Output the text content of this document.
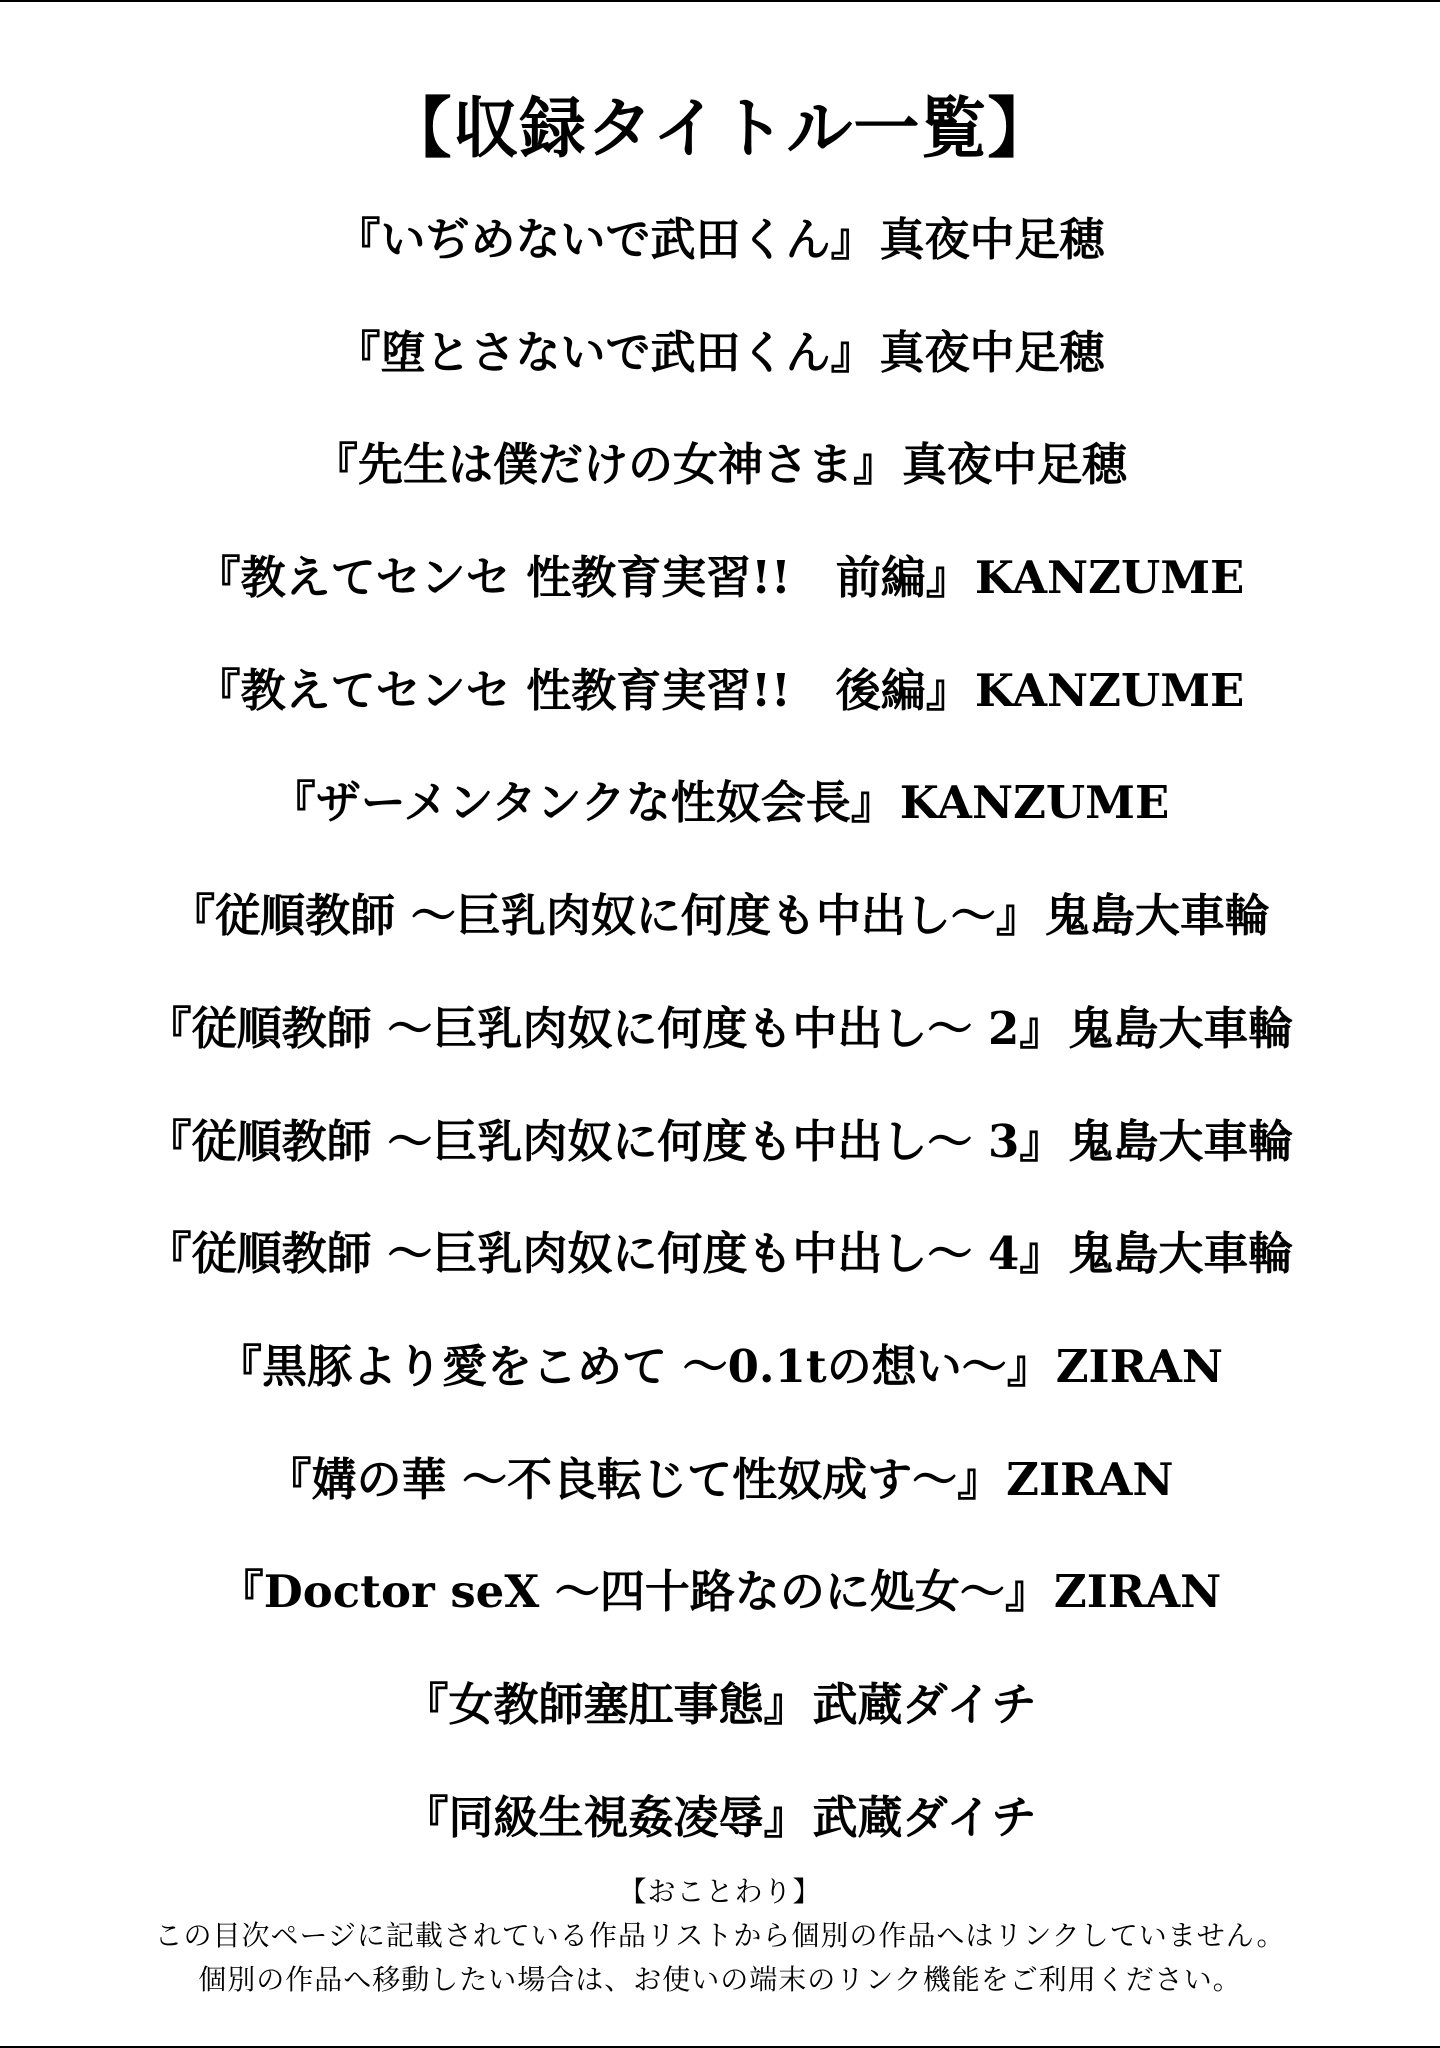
【収録タイトル一覧】
『いぢめないで武田くん』真夜中足穂
『堕とさないで武田くん』真夜中足穂
『先生は僕だけの女神さま』真夜中足穂
『教えてセンセ 性教育実習!!　前編』KANZUME
『教えてセンセ 性教育実習!!　後編』KANZUME
『ザーメンタンクな性奴会長』KANZUME
『従順教師 ～巨乳肉奴に何度も中出し～』鬼島大車輪
『従順教師 ～巨乳肉奴に何度も中出し～ 2』鬼島大車輪
『従順教師 ～巨乳肉奴に何度も中出し～ 3』鬼島大車輪
『従順教師 ～巨乳肉奴に何度も中出し～ 4』鬼島大車輪
『黒豚より愛をこめて ～0.1tの想い～』ZIRAN
『媾の華 ～不良転じて性奴成す～』ZIRAN
『Doctor seX ～四十路なのに処女～』ZIRAN
『女教師塞肛事態』武蔵ダイチ
『同級生視姦凌辱』武蔵ダイチ
【おことわり】
この目次ページに記載されている作品リストから個別の作品へはリンクしていません。
個別の作品へ移動したい場合は、お使いの端末のリンク機能をご利用ください。
